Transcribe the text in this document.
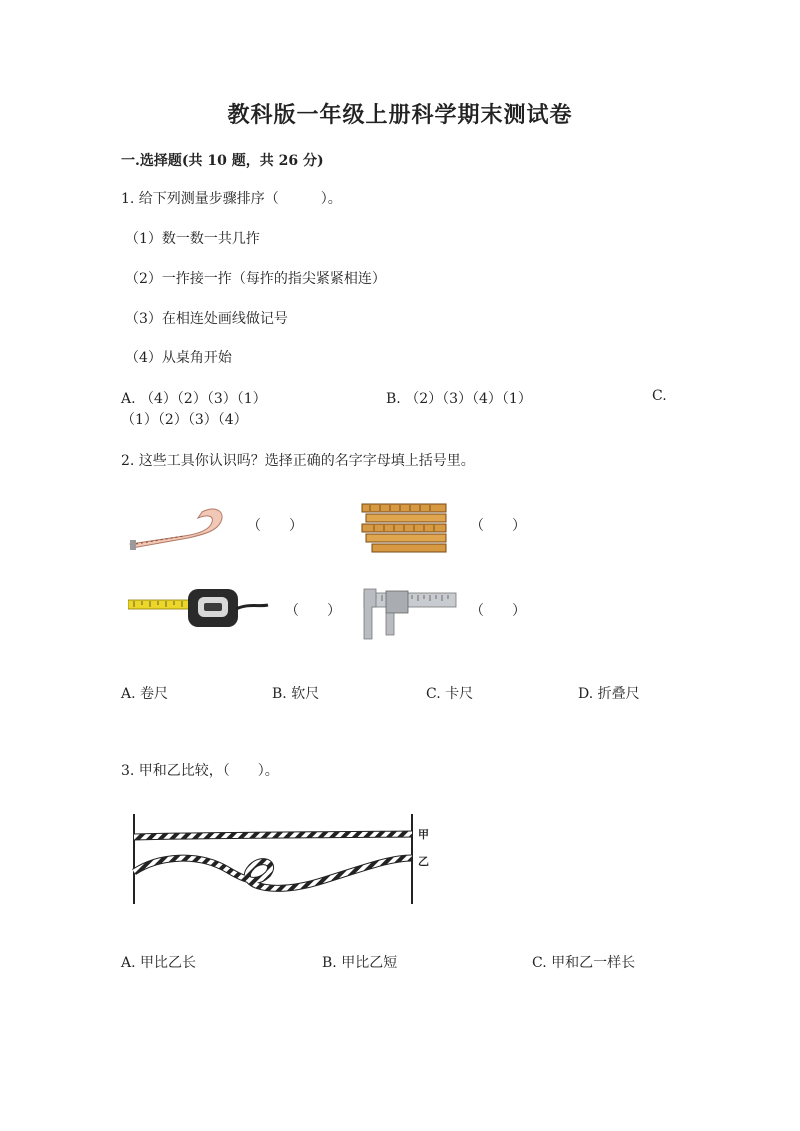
教科版一年级上册科学期末测试卷
一.选择题(共 10 题，共 26 分)
1. 给下列测量步骤排序（　　　）。
（1）数一数一共几拃
（2）一拃接一拃（每拃的指尖紧紧相连）
（3）在相连处画线做记号
（4）从桌角开始
A. （4）（2）（3）（1）	B. （2）（3）（4）（1）	C.
（1）（2）（3）（4）
2. 这些工具你认识吗？选择正确的名字字母填上括号里。
（　　）	（　　）
（　　）	（　　）
A. 卷尺	B. 软尺	C. 卡尺	D. 折叠尺
3. 甲和乙比较，（　　）。
甲
乙
A. 甲比乙长	B. 甲比乙短	C. 甲和乙一样长
